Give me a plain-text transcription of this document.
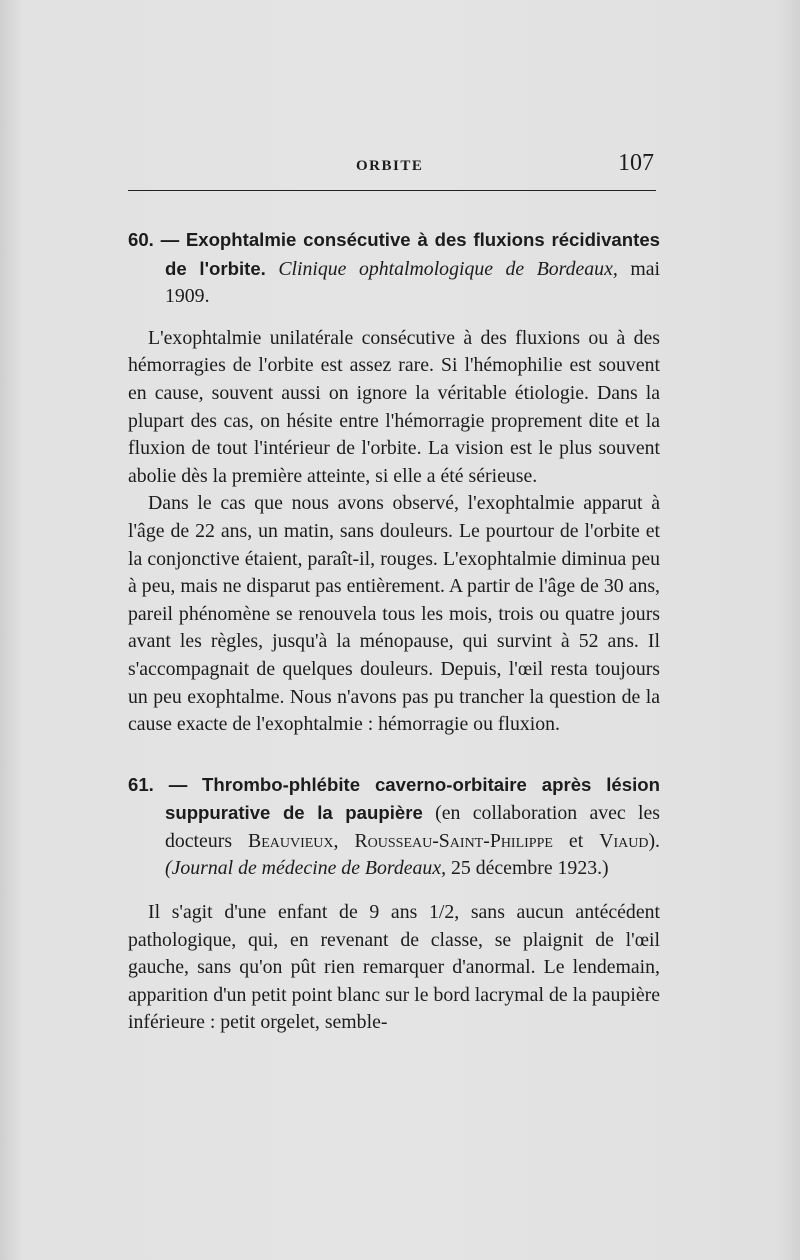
ORBITE	107

60. — Exophtalmie consécutive à des fluxions récidivantes de l'orbite. Clinique ophtalmologique de Bordeaux, mai 1909.

L'exophtalmie unilatérale consécutive à des fluxions ou à des hémorragies de l'orbite est assez rare. Si l'hémophilie est souvent en cause, souvent aussi on ignore la véritable étiologie. Dans la plupart des cas, on hésite entre l'hémorragie proprement dite et la fluxion de tout l'intérieur de l'orbite. La vision est le plus souvent abolie dès la première atteinte, si elle a été sérieuse.

Dans le cas que nous avons observé, l'exophtalmie apparut à l'âge de 22 ans, un matin, sans douleurs. Le pourtour de l'orbite et la conjonctive étaient, paraît-il, rouges. L'exophtalmie diminua peu à peu, mais ne disparut pas entièrement. A partir de l'âge de 30 ans, pareil phénomène se renouvela tous les mois, trois ou quatre jours avant les règles, jusqu'à la ménopause, qui survint à 52 ans. Il s'accompagnait de quelques douleurs. Depuis, l'œil resta toujours un peu exophtalme. Nous n'avons pas pu trancher la question de la cause exacte de l'exophtalmie : hémorragie ou fluxion.

61. — Thrombo-phlébite caverno-orbitaire après lésion suppurative de la paupière (en collaboration avec les docteurs Beauvieux, Rousseau-Saint-Philippe et Viaud). (Journal de médecine de Bordeaux, 25 décembre 1923.)

Il s'agit d'une enfant de 9 ans 1/2, sans aucun antécédent pathologique, qui, en revenant de classe, se plaignit de l'œil gauche, sans qu'on pût rien remarquer d'anormal. Le lendemain, apparition d'un petit point blanc sur le bord lacrymal de la paupière inférieure : petit orgelet, semble-
